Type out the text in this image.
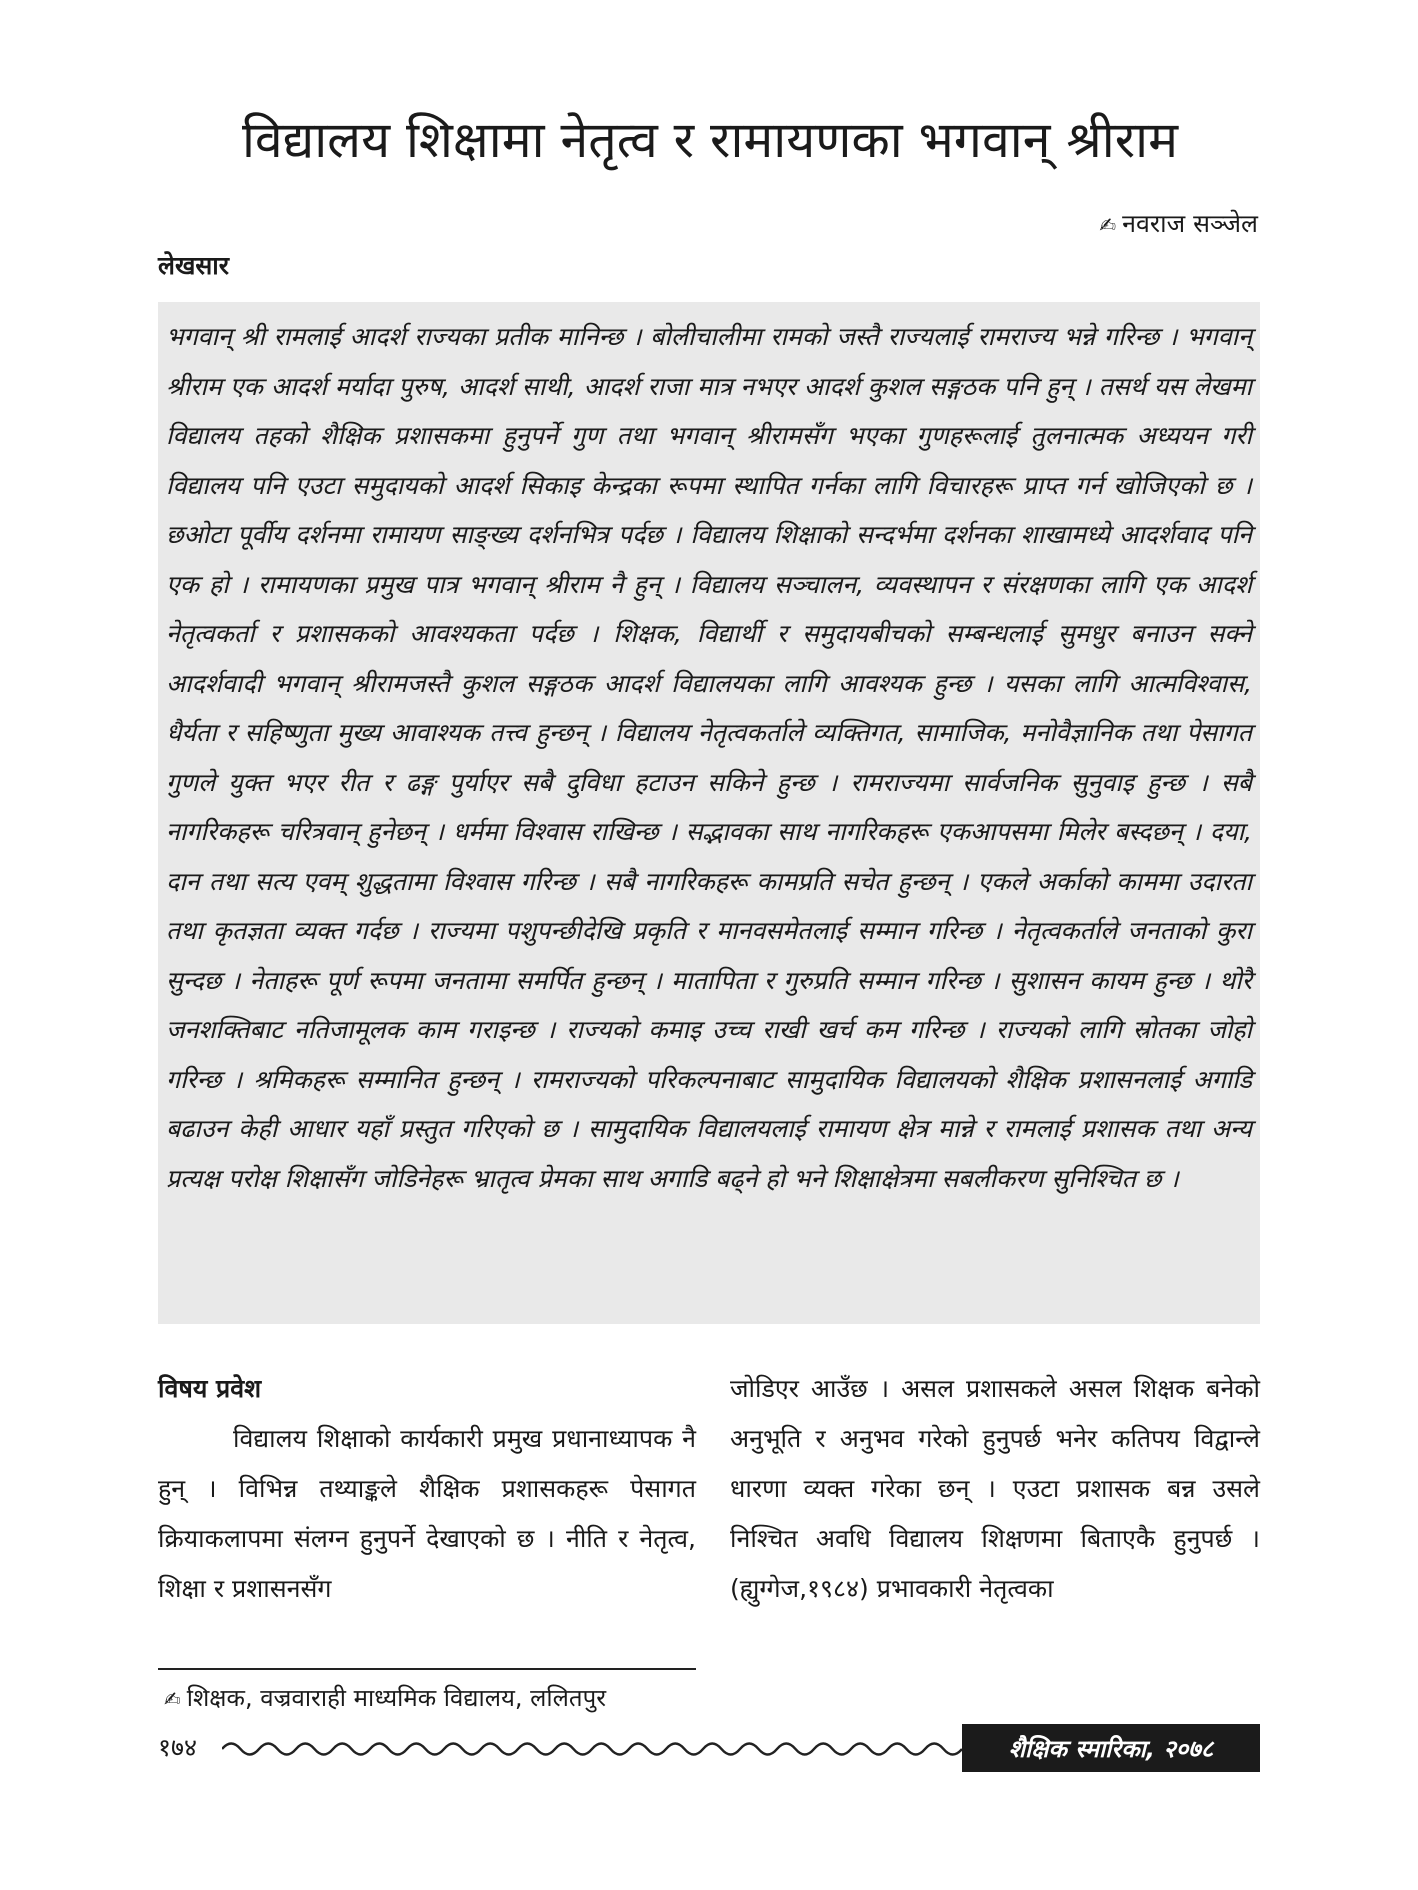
विद्यालय शिक्षामा नेतृत्व र रामायणका भगवान् श्रीराम
✍ नवराज सञ्जेल
लेखसार

भगवान् श्री रामलाई आदर्श राज्यका प्रतीक मानिन्छ । बोलीचालीमा रामको जस्तै राज्यलाई रामराज्य भन्ने गरिन्छ । भगवान् श्रीराम एक आदर्श मर्यादा पुरुष, आदर्श साथी, आदर्श राजा मात्र नभएर आदर्श कुशल सङ्गठक पनि हुन् । तसर्थ यस लेखमा विद्यालय तहको शैक्षिक प्रशासकमा हुनुपर्ने गुण तथा भगवान् श्रीरामसँग भएका गुणहरूलाई तुलनात्मक अध्ययन गरी विद्यालय पनि एउटा समुदायको आदर्श सिकाइ केन्द्रका रूपमा स्थापित गर्नका लागि विचारहरू प्राप्त गर्न खोजिएको छ । छओटा पूर्वीय दर्शनमा रामायण साङ्ख्य दर्शनभित्र पर्दछ । विद्यालय शिक्षाको सन्दर्भमा दर्शनका शाखामध्ये आदर्शवाद पनि एक हो । रामायणका प्रमुख पात्र भगवान् श्रीराम नै हुन् । विद्यालय सञ्चालन, व्यवस्थापन र संरक्षणका लागि एक आदर्श नेतृत्वकर्ता र प्रशासकको आवश्यकता पर्दछ । शिक्षक, विद्यार्थी र समुदायबीचको सम्बन्धलाई सुमधुर बनाउन सक्ने आदर्शवादी भगवान् श्रीरामजस्तै कुशल सङ्गठक आदर्श विद्यालयका लागि आवश्यक हुन्छ । यसका लागि आत्मविश्वास, धैर्यता र सहिष्णुता मुख्य आवाश्यक तत्त्व हुन्छन् । विद्यालय नेतृत्वकर्ताले व्यक्तिगत, सामाजिक, मनोवैज्ञानिक तथा पेसागत गुणले युक्त भएर रीत र ढङ्ग पुर्याएर सबै दुविधा हटाउन सकिने हुन्छ । रामराज्यमा सार्वजनिक सुनुवाइ हुन्छ । सबै नागरिकहरू चरित्रवान् हुनेछन् । धर्ममा विश्वास राखिन्छ । सद्भावका साथ नागरिकहरू एकआपसमा मिलेर बस्दछन् । दया, दान तथा सत्य एवम् शुद्धतामा विश्वास गरिन्छ । सबै नागरिकहरू कामप्रति सचेत हुन्छन् । एकले अर्काको काममा उदारता तथा कृतज्ञता व्यक्त गर्दछ । राज्यमा पशुपन्छीदेखि प्रकृति र मानवसमेतलाई सम्मान गरिन्छ । नेतृत्वकर्ताले जनताको कुरा सुन्दछ । नेताहरू पूर्ण रूपमा जनतामा समर्पित हुन्छन् । मातापिता र गुरुप्रति सम्मान गरिन्छ । सुशासन कायम हुन्छ । थोरै जनशक्तिबाट नतिजामूलक काम गराइन्छ । राज्यको कमाइ उच्च राखी खर्च कम गरिन्छ । राज्यको लागि स्रोतका जोहो गरिन्छ । श्रमिकहरू सम्मानित हुन्छन् । रामराज्यको परिकल्पनाबाट सामुदायिक विद्यालयको शैक्षिक प्रशासनलाई अगाडि बढाउन केही आधार यहाँ प्रस्तुत गरिएको छ । सामुदायिक विद्यालयलाई रामायण क्षेत्र मान्ने र रामलाई प्रशासक तथा अन्य प्रत्यक्ष परोक्ष शिक्षासँग जोडिनेहरू भ्रातृत्व प्रेमका साथ अगाडि बढ्ने हो भने शिक्षाक्षेत्रमा सबलीकरण सुनिश्चित छ ।

विषय प्रवेश

विद्यालय शिक्षाको कार्यकारी प्रमुख प्रधानाध्यापक नै हुन् । विभिन्न तथ्याङ्कले शैक्षिक प्रशासकहरू पेसागत क्रियाकलापमा संलग्न हुनुपर्ने देखाएको छ । नीति र नेतृत्व, शिक्षा र प्रशासनसँग

जोडिएर आउँछ । असल प्रशासकले असल शिक्षक बनेको अनुभूति र अनुभव गरेको हुनुपर्छ भनेर कतिपय विद्वान्ले धारणा व्यक्त गरेका छन् । एउटा प्रशासक बन्न उसले निश्चित अवधि विद्यालय शिक्षणमा बिताएकै हुनुपर्छ । (ह्युग्गेज,१९८४) प्रभावकारी नेतृत्वका

✍ शिक्षक, वज्रवाराही माध्यमिक विद्यालय, ललितपुर
१७४	शैक्षिक स्मारिका, २०७८
